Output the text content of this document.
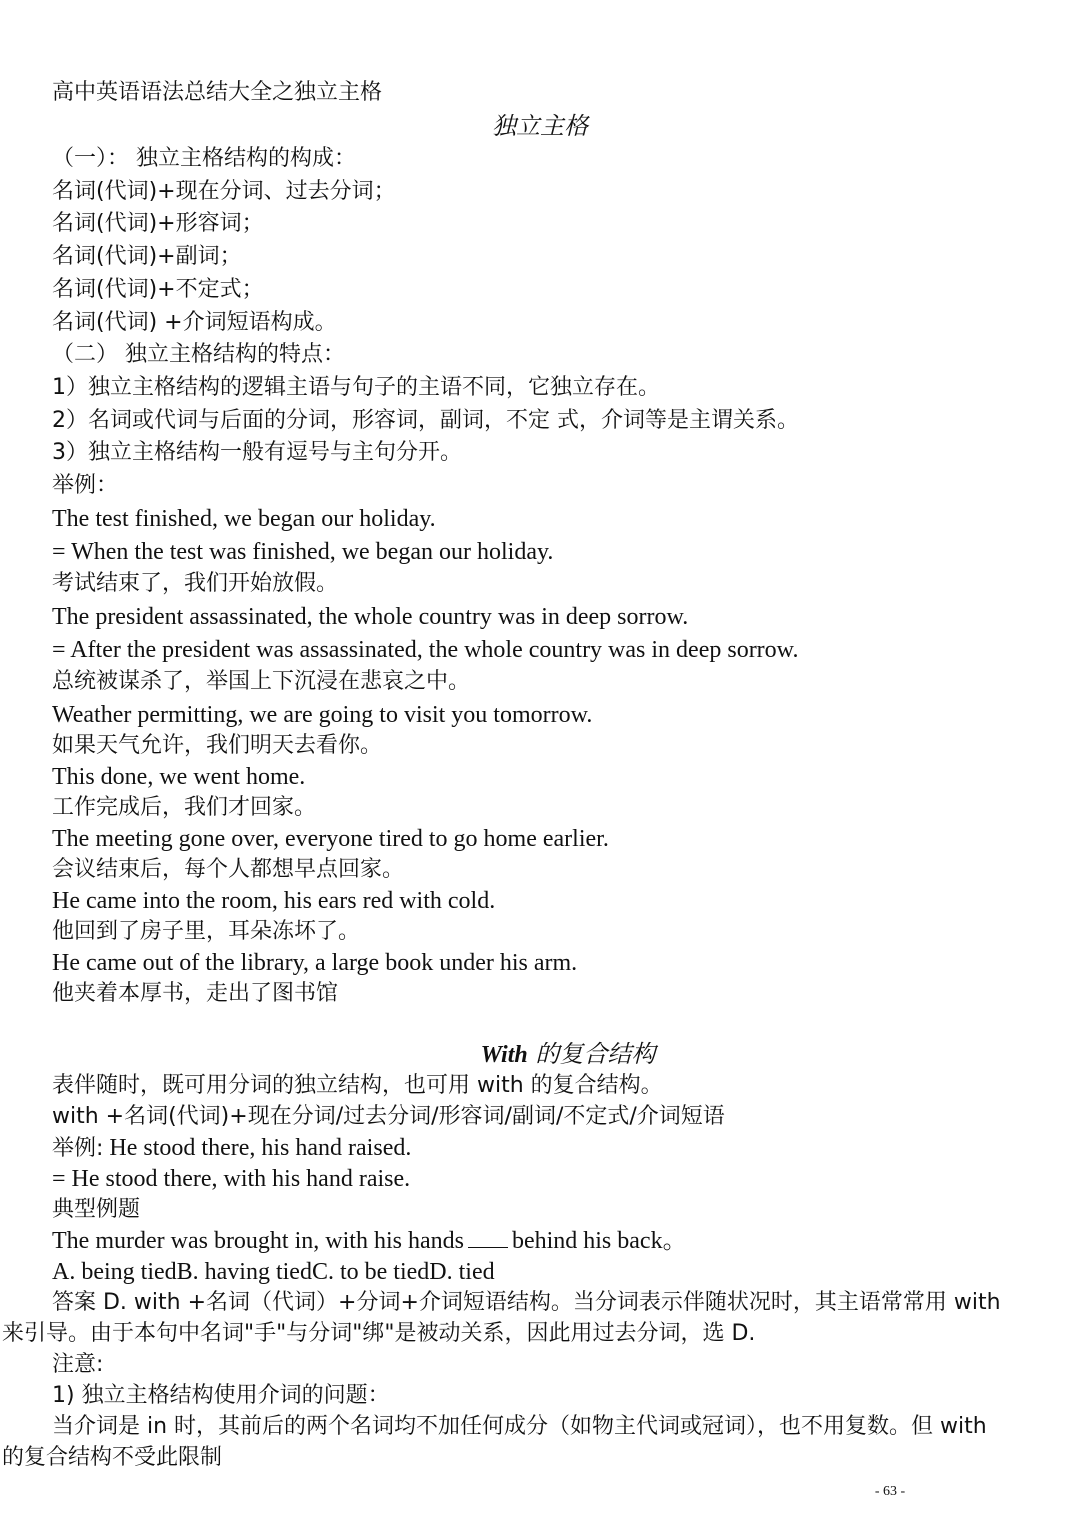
高中英语语法总结大全之独立主格
独立主格
（一）： 独立主格结构的构成：
名词(代词)+现在分词、过去分词；
名词(代词)+形容词；
名词(代词)+副词；
名词(代词)+不定式；
名词(代词) +介词短语构成。
（二） 独立主格结构的特点：
1）独立主格结构的逻辑主语与句子的主语不同，它独立存在。
2）名词或代词与后面的分词，形容词，副词，不定 式，介词等是主谓关系。
3）独立主格结构一般有逗号与主句分开。
举例：
The test finished, we began our holiday.
= When the test was finished, we began our holiday.
考试结束了，我们开始放假。
The president assassinated, the whole country was in deep sorrow.
= After the president was assassinated, the whole country was in deep sorrow.
总统被谋杀了，举国上下沉浸在悲哀之中。
Weather permitting, we are going to visit you tomorrow.
如果天气允许，我们明天去看你。
This done, we went home.
工作完成后，我们才回家。
The meeting gone over, everyone tired to go home earlier.
会议结束后，每个人都想早点回家。
He came into the room, his ears red with cold.
他回到了房子里，耳朵冻坏了。
He came out of the library, a large book under his arm.
他夹着本厚书，走出了图书馆
With 的复合结构
表伴随时，既可用分词的独立结构，也可用 with 的复合结构。
with +名词(代词)+现在分词/过去分词/形容词/副词/不定式/介词短语
举例: He stood there, his hand raised.
= He stood there, with his hand raise.
典型例题
The murder was brought in, with his hands behind his back。
A. being tiedB. having tiedC. to be tiedD. tied
答案 D. with +名词（代词）+分词+介词短语结构。当分词表示伴随状况时，其主语常常用 with
来引导。由于本句中名词"手"与分词"绑"是被动关系，因此用过去分词，选 D.
注意:
1) 独立主格结构使用介词的问题：
当介词是 in 时，其前后的两个名词均不加任何成分（如物主代词或冠词），也不用复数。但 with
的复合结构不受此限制
- 63 -
